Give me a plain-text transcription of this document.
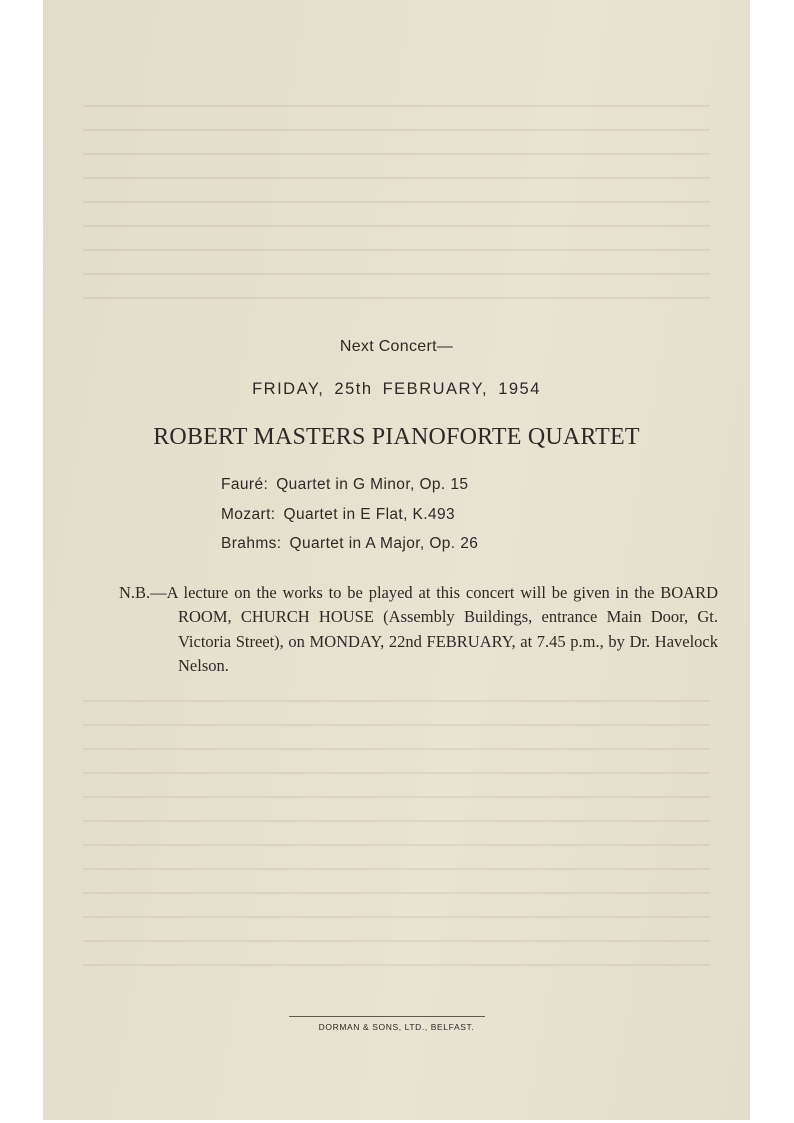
Next Concert—
FRIDAY, 25th FEBRUARY, 1954
ROBERT MASTERS PIANOFORTE QUARTET
Fauré: Quartet in G Minor, Op. 15
Mozart: Quartet in E Flat, K.493
Brahms: Quartet in A Major, Op. 26
N.B.—A lecture on the works to be played at this concert will be given in the BOARD ROOM, CHURCH HOUSE (Assembly Buildings, entrance Main Door, Gt. Victoria Street), on MONDAY, 22nd FEBRUARY, at 7.45 p.m., by Dr. Havelock Nelson.
DORMAN & SONS, LTD., BELFAST.
